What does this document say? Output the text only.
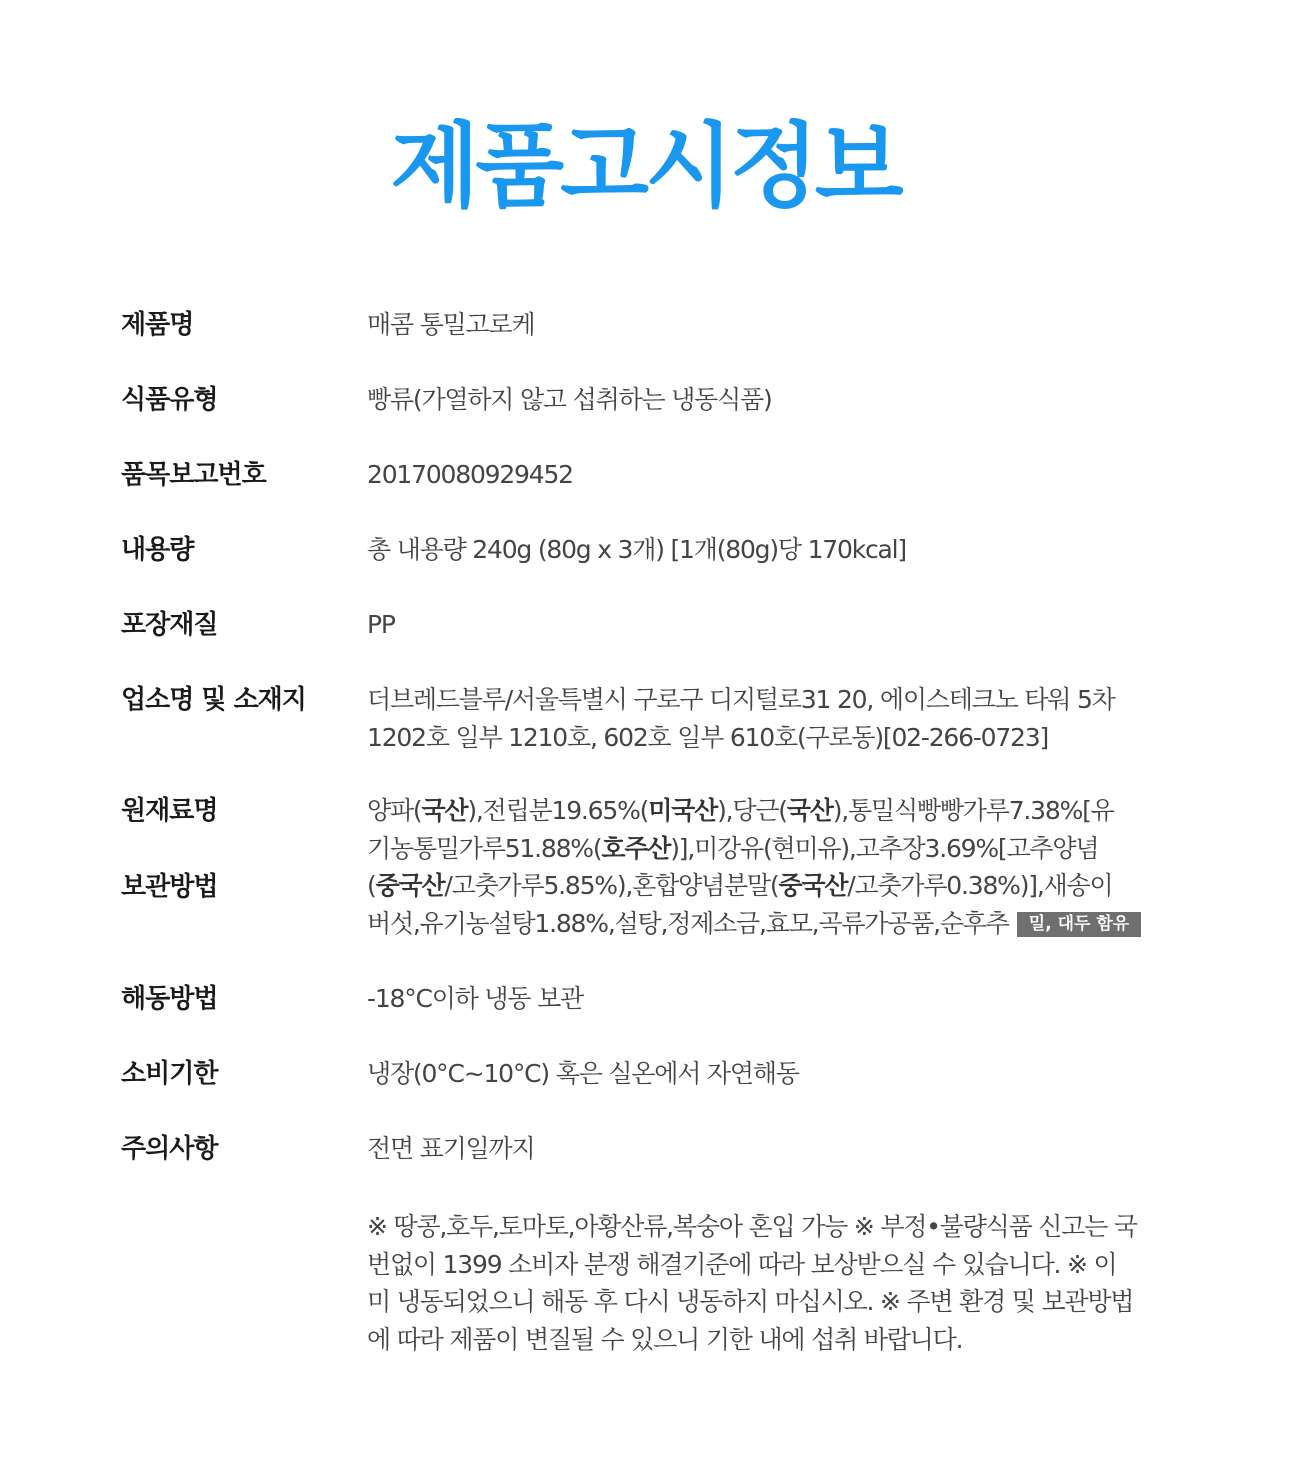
제품고시정보
제품명
식품유형
품목보고번호
내용량
포장재질
업소명 및 소재지
원재료명
보관방법
해동방법
소비기한
주의사항
매콤 통밀고로케
빵류(가열하지 않고 섭취하는 냉동식품)
20170080929452
총 내용량 240g (80g x 3개) [1개(80g)당 170kcal]
PP
더브레드블루/서울특별시 구로구 디지털로31 20, 에이스테크노 타워 5차
1202호 일부 1210호, 602호 일부 610호(구로동)[02-266-0723]
양파(국산),전립분19.65%(미국산),당근(국산),통밀식빵빵가루7.38%[유
기농통밀가루51.88%(호주산)],미강유(현미유),고추장3.69%[고추양념
(중국산/고춧가루5.85%),혼합양념분말(중국산/고춧가루0.38%)],새송이
버섯,유기농설탕1.88%,설탕,정제소금,효모,곡류가공품,순후추 밀, 대두 함유
-18°C이하 냉동 보관
냉장(0°C~10°C) 혹은 실온에서 자연해동
전면 표기일까지
※ 땅콩,호두,토마토,아황산류,복숭아 혼입 가능 ※ 부정•불량식품 신고는 국
번없이 1399 소비자 분쟁 해결기준에 따라 보상받으실 수 있습니다. ※ 이
미 냉동되었으니 해동 후 다시 냉동하지 마십시오. ※ 주변 환경 및 보관방법
에 따라 제품이 변질될 수 있으니 기한 내에 섭취 바랍니다.
